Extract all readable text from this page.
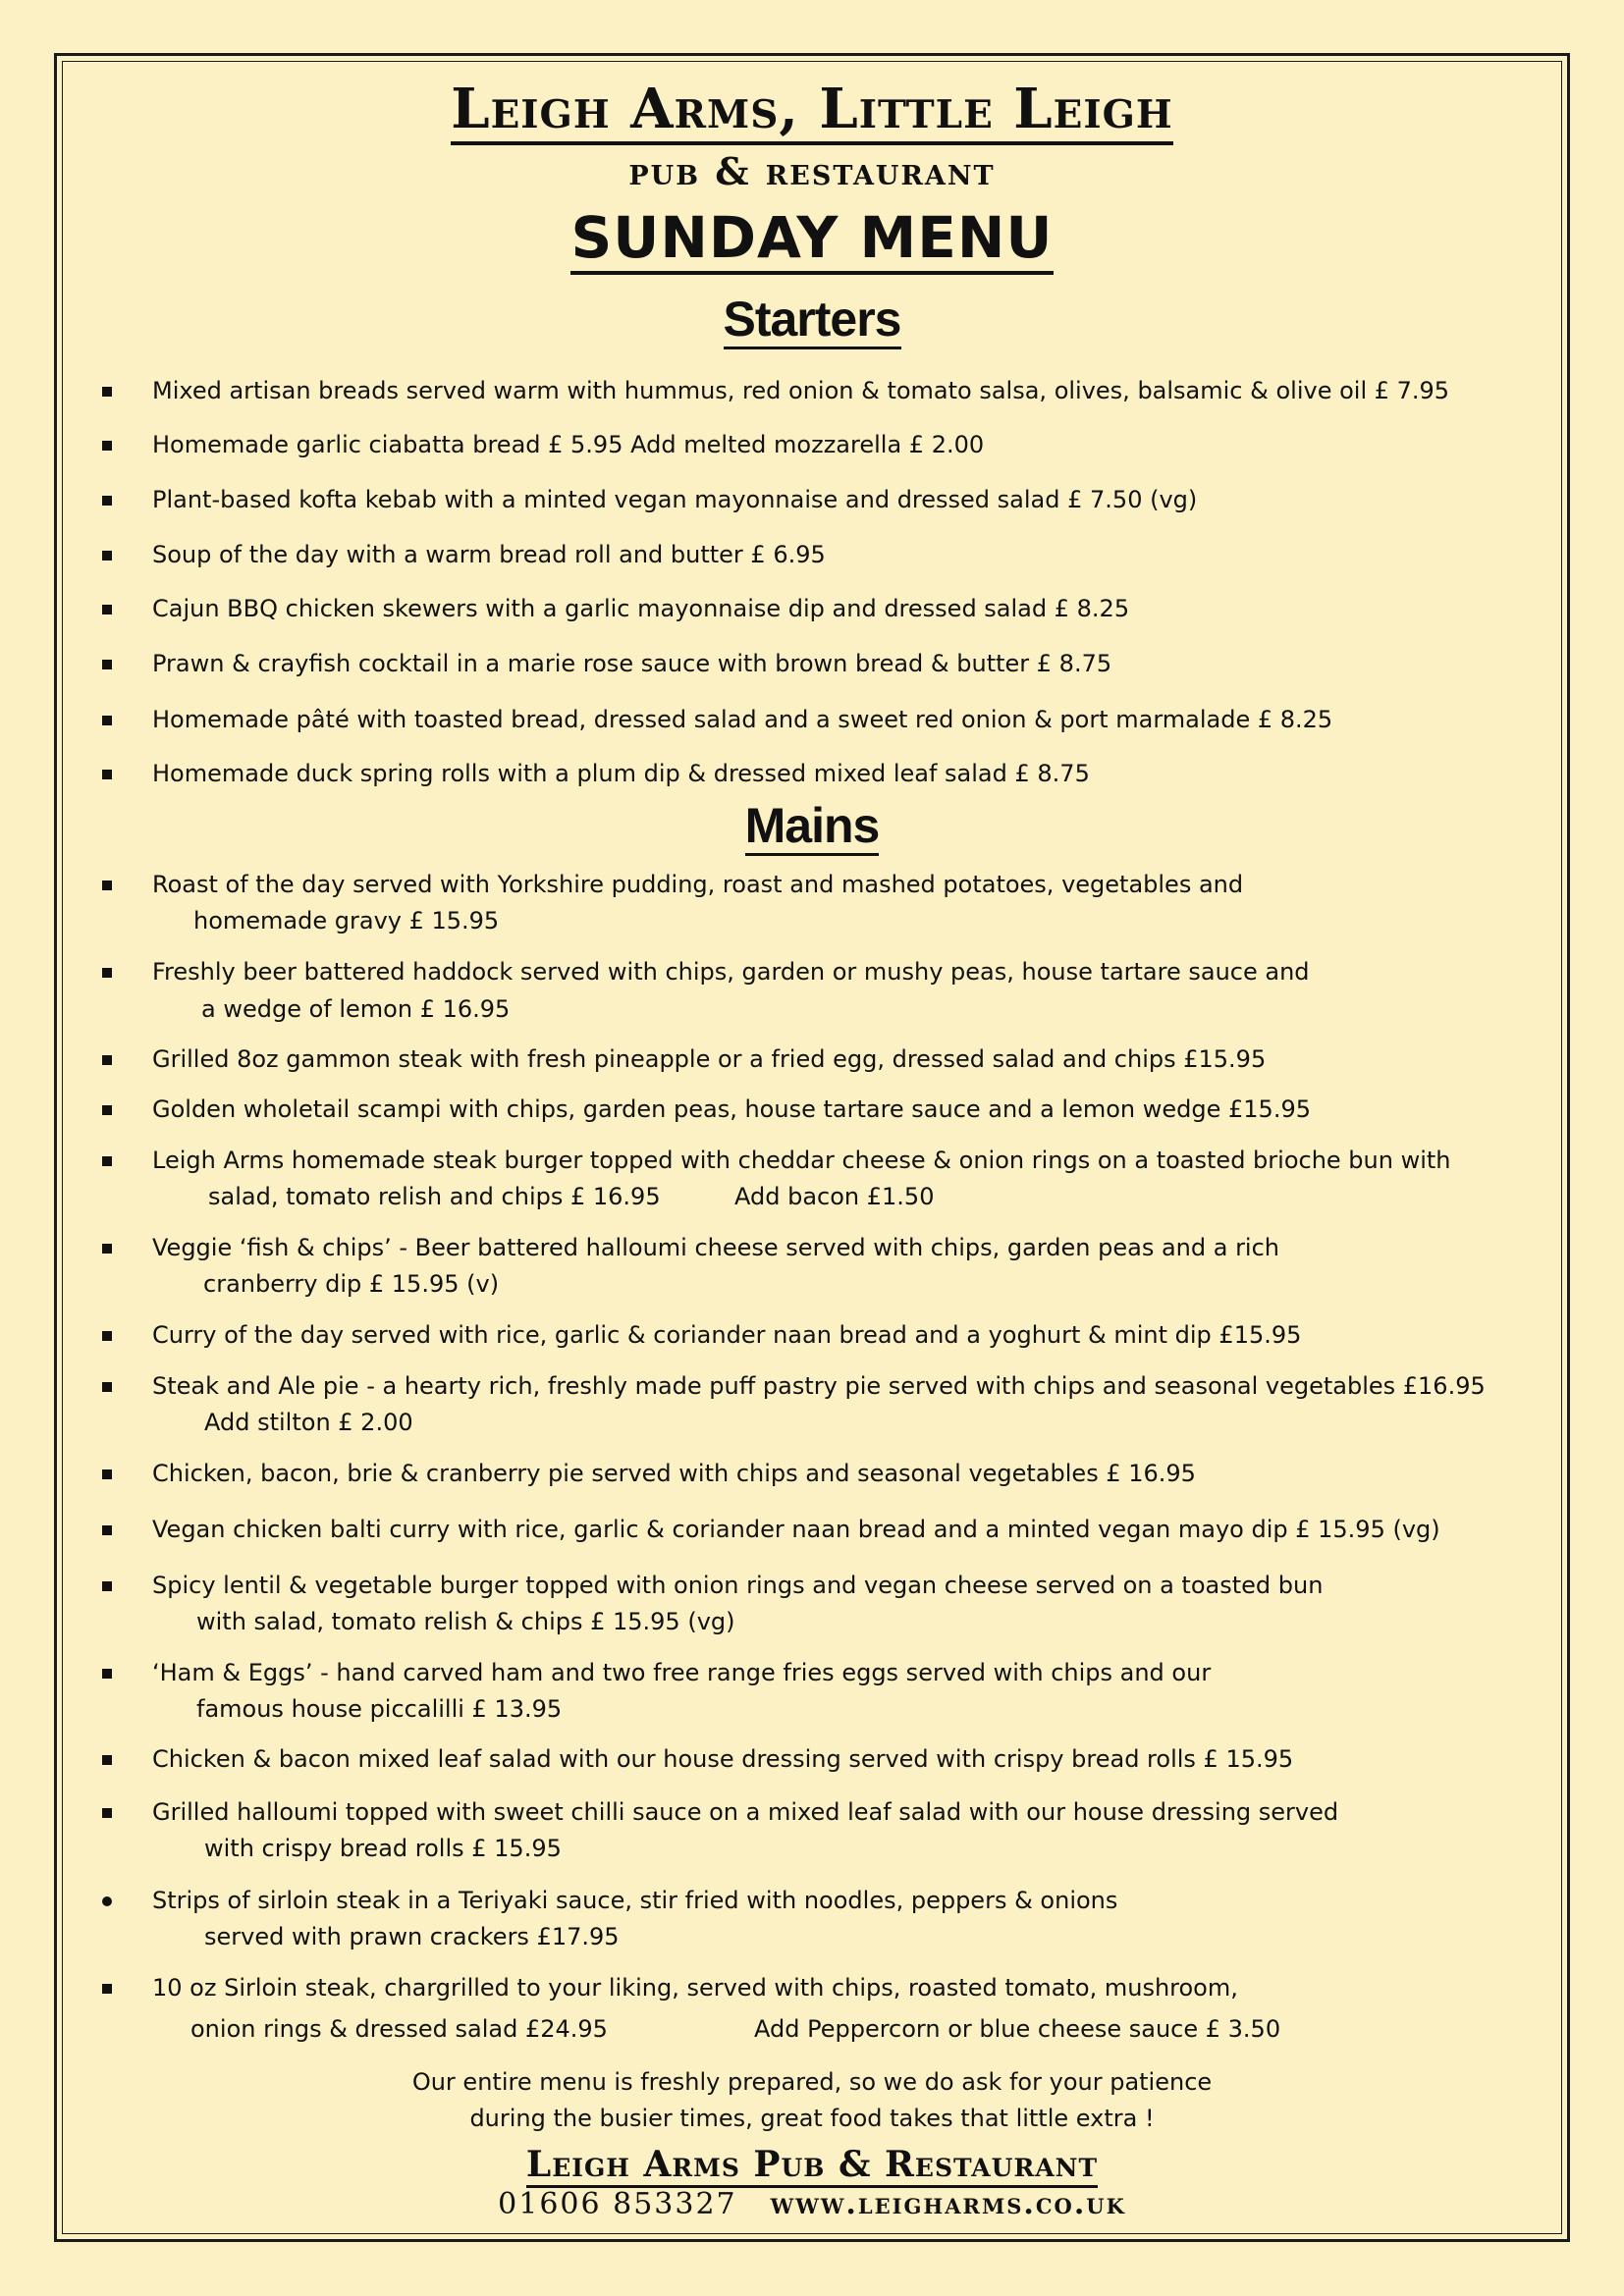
Leigh Arms, Little Leigh
pub & restaurant
SUNDAY MENU
Starters
Mixed artisan breads served warm with hummus, red onion & tomato salsa, olives, balsamic & olive oil £ 7.95
Homemade garlic ciabatta bread £ 5.95 Add melted mozzarella £ 2.00
Plant-based kofta kebab with a minted vegan mayonnaise and dressed salad £ 7.50 (vg)
Soup of the day with a warm bread roll and butter £ 6.95
Cajun BBQ chicken skewers with a garlic mayonnaise dip and dressed salad £ 8.25
Prawn & crayfish cocktail in a marie rose sauce with brown bread & butter £ 8.75
Homemade pâté with toasted bread, dressed salad and a sweet red onion & port marmalade £ 8.25
Homemade duck spring rolls with a plum dip & dressed mixed leaf salad £ 8.75
Mains
Roast of the day served with Yorkshire pudding, roast and mashed potatoes, vegetables and
homemade gravy £ 15.95
Freshly beer battered haddock served with chips, garden or mushy peas, house tartare sauce and
a wedge of lemon £ 16.95
Grilled 8oz gammon steak with fresh pineapple or a fried egg, dressed salad and chips £15.95
Golden wholetail scampi with chips, garden peas, house tartare sauce and a lemon wedge £15.95
Leigh Arms homemade steak burger topped with cheddar cheese & onion rings on a toasted brioche bun with
salad, tomato relish and chips £ 16.95	Add bacon £1.50
Veggie ‘fish & chips’ - Beer battered halloumi cheese served with chips, garden peas and a rich
cranberry dip £ 15.95 (v)
Curry of the day served with rice, garlic & coriander naan bread and a yoghurt & mint dip £15.95
Steak and Ale pie - a hearty rich, freshly made puff pastry pie served with chips and seasonal vegetables £16.95
Add stilton £ 2.00
Chicken, bacon, brie & cranberry pie served with chips and seasonal vegetables £ 16.95
Vegan chicken balti curry with rice, garlic & coriander naan bread and a minted vegan mayo dip £ 15.95 (vg)
Spicy lentil & vegetable burger topped with onion rings and vegan cheese served on a toasted bun
with salad, tomato relish & chips £ 15.95 (vg)
‘Ham & Eggs’ - hand carved ham and two free range fries eggs served with chips and our
famous house piccalilli £ 13.95
Chicken & bacon mixed leaf salad with our house dressing served with crispy bread rolls £ 15.95
Grilled halloumi topped with sweet chilli sauce on a mixed leaf salad with our house dressing served
with crispy bread rolls £ 15.95
Strips of sirloin steak in a Teriyaki sauce, stir fried with noodles, peppers & onions
served with prawn crackers £17.95
10 oz Sirloin steak, chargrilled to your liking, served with chips, roasted tomato, mushroom,
onion rings & dressed salad £24.95	Add Peppercorn or blue cheese sauce £ 3.50
Our entire menu is freshly prepared, so we do ask for your patience
during the busier times, great food takes that little extra !
Leigh Arms Pub & Restaurant
01606 853327 www.leigharms.co.uk
